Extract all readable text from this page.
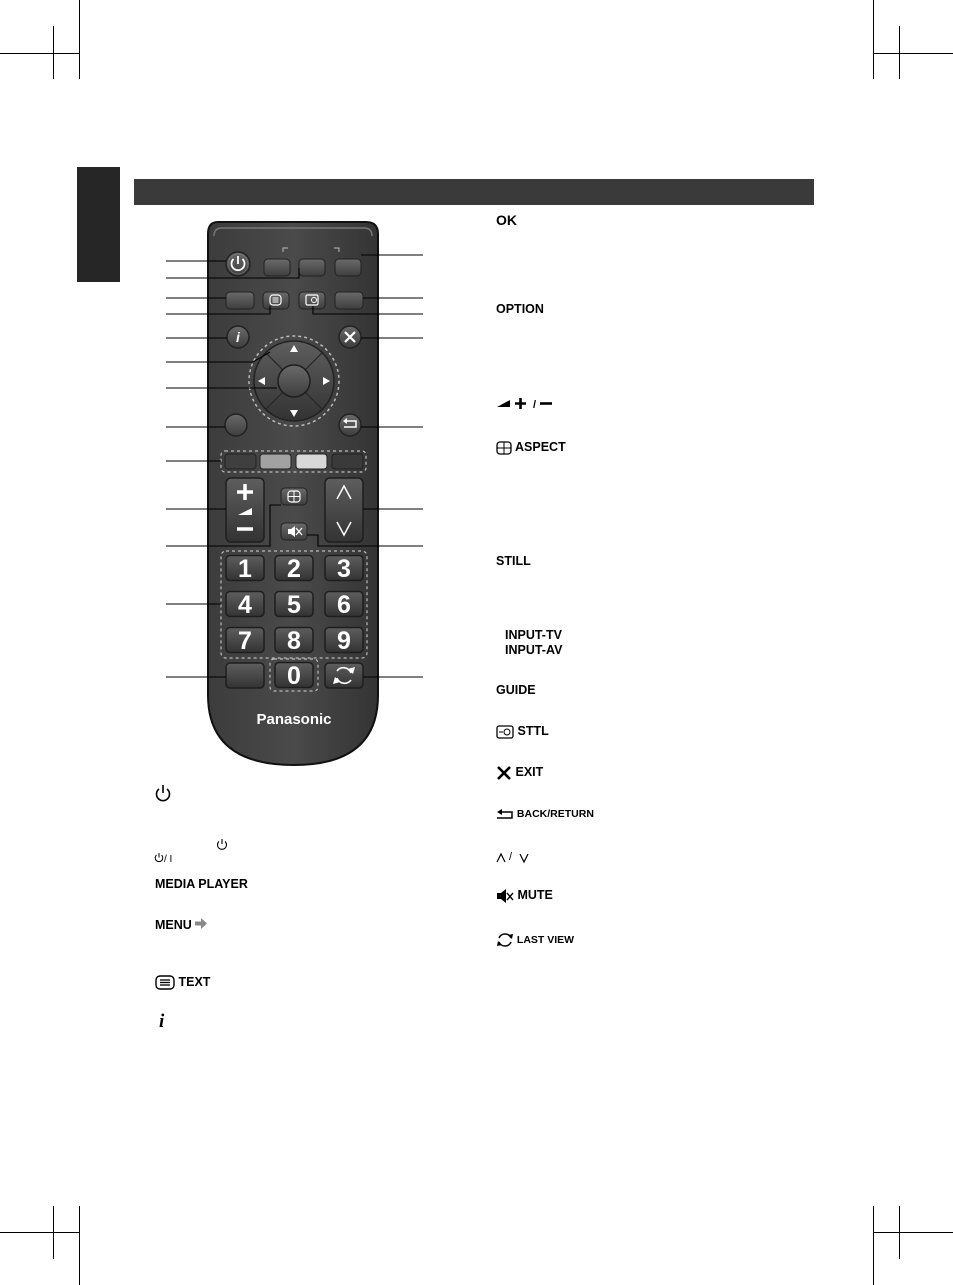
i
1 2 3
4 5 6
7 8 9
0
Panasonic
OK
OPTION
/
ASPECT
STILL
INPUT-TV
INPUT-AV
GUIDE
STTL
EXIT
BACK/RETURN
/
MUTE
LAST VIEW
/ I
MEDIA PLAYER
MENU
TEXT
i
